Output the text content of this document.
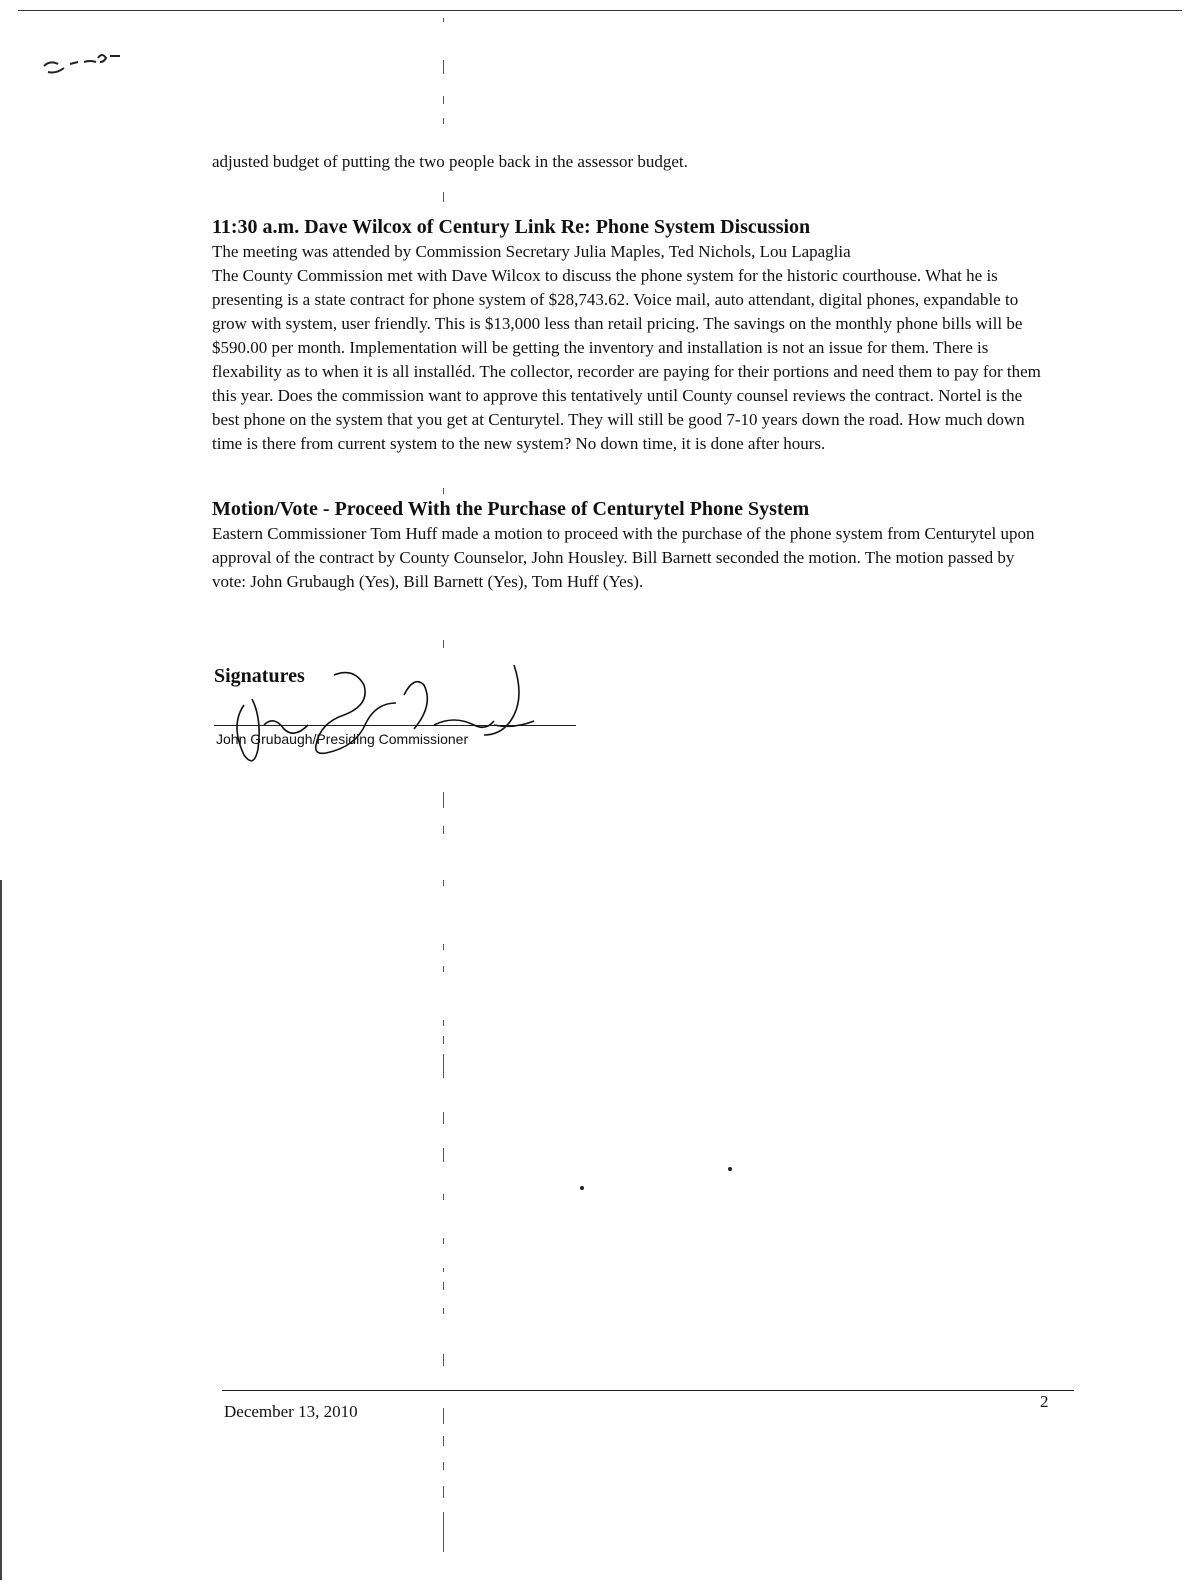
adjusted budget of putting the two people back in the assessor budget.

11:30 a.m. Dave Wilcox of Century Link Re: Phone System Discussion

The meeting was attended by Commission Secretary Julia Maples, Ted Nichols, Lou Lapaglia

The County Commission met with Dave Wilcox to discuss the phone system for the historic courthouse. What he is presenting is a state contract for phone system of $28,743.62. Voice mail, auto attendant, digital phones, expandable to grow with system, user friendly. This is $13,000 less than retail pricing. The savings on the monthly phone bills will be $590.00 per month. Implementation will be getting the inventory and installation is not an issue for them. There is flexability as to when it is all installéd. The collector, recorder are paying for their portions and need them to pay for them this year. Does the commission want to approve this tentatively until County counsel reviews the contract. Nortel is the best phone on the system that you get at Centurytel. They will still be good 7-10 years down the road. How much down time is there from current system to the new system? No down time, it is done after hours.

Motion/Vote - Proceed With the Purchase of Centurytel Phone System

Eastern Commissioner Tom Huff made a motion to proceed with the purchase of the phone system from Centurytel upon approval of the contract by County Counselor, John Housley. Bill Barnett seconded the motion. The motion passed by vote: John Grubaugh (Yes), Bill Barnett (Yes), Tom Huff (Yes).

Signatures
John Grubaugh/Presiding Commissioner
December 13, 2010
2
